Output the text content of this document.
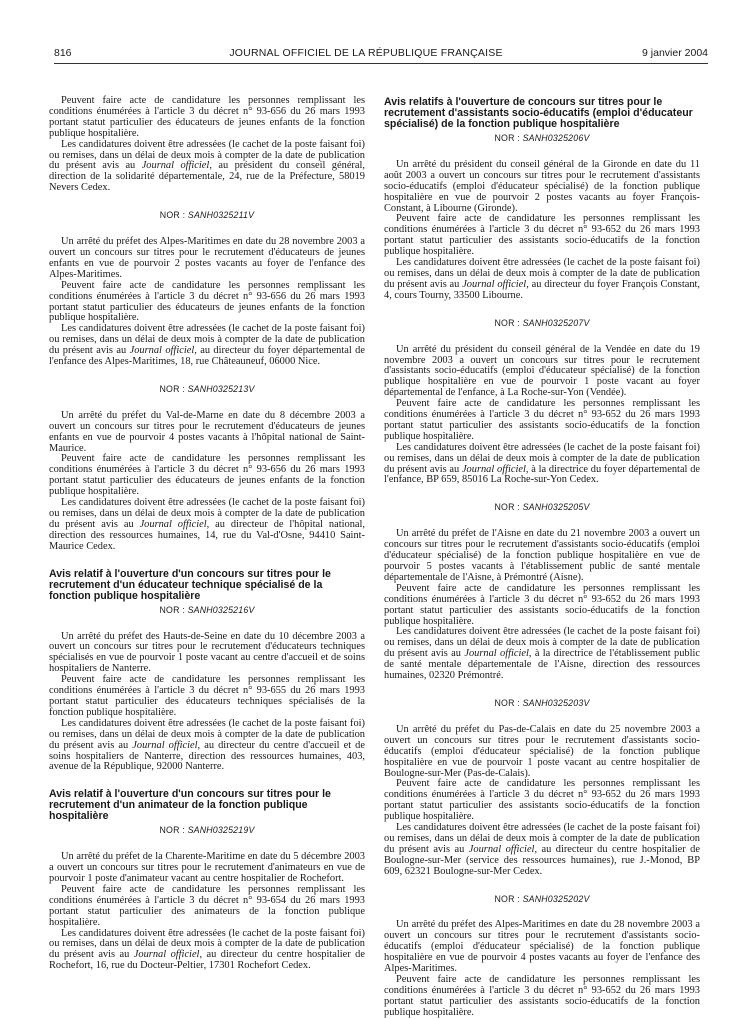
816	JOURNAL OFFICIEL DE LA RÉPUBLIQUE FRANÇAISE	9 janvier 2004

Peuvent faire acte de candidature les personnes remplissant les conditions énumérées à l'article 3 du décret n° 93-656 du 26 mars 1993 portant statut particulier des éducateurs de jeunes enfants de la fonction publique hospitalière.

Les candidatures doivent être adressées (le cachet de la poste faisant foi) ou remises, dans un délai de deux mois à compter de la date de publication du présent avis au Journal officiel, au président du conseil général, direction de la solidarité départementale, 24, rue de la Préfecture, 58019 Nevers Cedex.

NOR : SANH0325211V

Un arrêté du préfet des Alpes-Maritimes en date du 28 novembre 2003 a ouvert un concours sur titres pour le recrutement d'éducateurs de jeunes enfants en vue de pourvoir 2 postes vacants au foyer de l'enfance des Alpes-Maritimes.

Peuvent faire acte de candidature les personnes remplissant les conditions énumérées à l'article 3 du décret n° 93-656 du 26 mars 1993 portant statut particulier des éducateurs de jeunes enfants de la fonction publique hospitalière.

Les candidatures doivent être adressées (le cachet de la poste faisant foi) ou remises, dans un délai de deux mois à compter de la date de publication du présent avis au Journal officiel, au directeur du foyer départemental de l'enfance des Alpes-Maritimes, 18, rue Châteauneuf, 06000 Nice.

NOR : SANH0325213V

Un arrêté du préfet du Val-de-Marne en date du 8 décembre 2003 a ouvert un concours sur titres pour le recrutement d'éducateurs de jeunes enfants en vue de pourvoir 4 postes vacants à l'hôpital national de Saint-Maurice.

Peuvent faire acte de candidature les personnes remplissant les conditions énumérées à l'article 3 du décret n° 93-656 du 26 mars 1993 portant statut particulier des éducateurs de jeunes enfants de la fonction publique hospitalière.

Les candidatures doivent être adressées (le cachet de la poste faisant foi) ou remises, dans un délai de deux mois à compter de la date de publication du présent avis au Journal officiel, au directeur de l'hôpital national, direction des ressources humaines, 14, rue du Val-d'Osne, 94410 Saint-Maurice Cedex.

Avis relatif à l'ouverture d'un concours sur titres pour le recrutement d'un éducateur technique spécialisé de la fonction publique hospitalière
NOR : SANH0325216V

Un arrêté du préfet des Hauts-de-Seine en date du 10 décembre 2003 a ouvert un concours sur titres pour le recrutement d'éducateurs techniques spécialisés en vue de pourvoir 1 poste vacant au centre d'accueil et de soins hospitaliers de Nanterre.

Peuvent faire acte de candidature les personnes remplissant les conditions énumérées à l'article 3 du décret n° 93-655 du 26 mars 1993 portant statut particulier des éducateurs techniques spécialisés de la fonction publique hospitalière.

Les candidatures doivent être adressées (le cachet de la poste faisant foi) ou remises, dans un délai de deux mois à compter de la date de publication du présent avis au Journal officiel, au directeur du centre d'accueil et de soins hospitaliers de Nanterre, direction des ressources humaines, 403, avenue de la République, 92000 Nanterre.

Avis relatif à l'ouverture d'un concours sur titres pour le recrutement d'un animateur de la fonction publique hospitalière
NOR : SANH0325219V

Un arrêté du préfet de la Charente-Maritime en date du 5 décembre 2003 a ouvert un concours sur titres pour le recrutement d'animateurs en vue de pourvoir 1 poste d'animateur vacant au centre hospitalier de Rochefort.

Peuvent faire acte de candidature les personnes remplissant les conditions énumérées à l'article 3 du décret n° 93-654 du 26 mars 1993 portant statut particulier des animateurs de la fonction publique hospitalière.

Les candidatures doivent être adressées (le cachet de la poste faisant foi) ou remises, dans un délai de deux mois à compter de la date de publication du présent avis au Journal officiel, au directeur du centre hospitalier de Rochefort, 16, rue du Docteur-Peltier, 17301 Rochefort Cedex.

Avis relatifs à l'ouverture de concours sur titres pour le recrutement d'assistants socio-éducatifs (emploi d'éducateur spécialisé) de la fonction publique hospitalière
NOR : SANH0325206V

Un arrêté du président du conseil général de la Gironde en date du 11 août 2003 a ouvert un concours sur titres pour le recrutement d'assistants socio-éducatifs (emploi d'éducateur spécialisé) de la fonction publique hospitalière en vue de pourvoir 2 postes vacants au foyer François-Constant, à Libourne (Gironde).

Peuvent faire acte de candidature les personnes remplissant les conditions énumérées à l'article 3 du décret n° 93-652 du 26 mars 1993 portant statut particulier des assistants socio-éducatifs de la fonction publique hospitalière.

Les candidatures doivent être adressées (le cachet de la poste faisant foi) ou remises, dans un délai de deux mois à compter de la date de publication du présent avis au Journal officiel, au directeur du foyer François Constant, 4, cours Tourny, 33500 Libourne.

NOR : SANH0325207V

Un arrêté du président du conseil général de la Vendée en date du 19 novembre 2003 a ouvert un concours sur titres pour le recrutement d'assistants socio-éducatifs (emploi d'éducateur spécialisé) de la fonction publique hospitalière en vue de pourvoir 1 poste vacant au foyer départemental de l'enfance, à La Roche-sur-Yon (Vendée).

Peuvent faire acte de candidature les personnes remplissant les conditions énumérées à l'article 3 du décret n° 93-652 du 26 mars 1993 portant statut particulier des assistants socio-éducatifs de la fonction publique hospitalière.

Les candidatures doivent être adressées (le cachet de la poste faisant foi) ou remises, dans un délai de deux mois à compter de la date de publication du présent avis au Journal officiel, à la directrice du foyer départemental de l'enfance, BP 659, 85016 La Roche-sur-Yon Cedex.

NOR : SANH0325205V

Un arrêté du préfet de l'Aisne en date du 21 novembre 2003 a ouvert un concours sur titres pour le recrutement d'assistants socio-éducatifs (emploi d'éducateur spécialisé) de la fonction publique hospitalière en vue de pourvoir 5 postes vacants à l'établissement public de santé mentale départementale de l'Aisne, à Prémontré (Aisne).

Peuvent faire acte de candidature les personnes remplissant les conditions énumérées à l'article 3 du décret n° 93-652 du 26 mars 1993 portant statut particulier des assistants socio-éducatifs de la fonction publique hospitalière.

Les candidatures doivent être adressées (le cachet de la poste faisant foi) ou remises, dans un délai de deux mois à compter de la date de publication du présent avis au Journal officiel, à la directrice de l'établissement public de santé mentale départementale de l'Aisne, direction des ressources humaines, 02320 Prémontré.

NOR : SANH0325203V

Un arrêté du préfet du Pas-de-Calais en date du 25 novembre 2003 a ouvert un concours sur titres pour le recrutement d'assistants socio-éducatifs (emploi d'éducateur spécialisé) de la fonction publique hospitalière en vue de pourvoir 1 poste vacant au centre hospitalier de Boulogne-sur-Mer (Pas-de-Calais).

Peuvent faire acte de candidature les personnes remplissant les conditions énumérées à l'article 3 du décret n° 93-652 du 26 mars 1993 portant statut particulier des assistants socio-éducatifs de la fonction publique hospitalière.

Les candidatures doivent être adressées (le cachet de la poste faisant foi) ou remises, dans un délai de deux mois à compter de la date de publication du présent avis au Journal officiel, au directeur du centre hospitalier de Boulogne-sur-Mer (service des ressources humaines), rue J.-Monod, BP 609, 62321 Boulogne-sur-Mer Cedex.

NOR : SANH0325202V

Un arrêté du préfet des Alpes-Maritimes en date du 28 novembre 2003 a ouvert un concours sur titres pour le recrutement d'assistants socio-éducatifs (emploi d'éducateur spécialisé) de la fonction publique hospitalière en vue de pourvoir 4 postes vacants au foyer de l'enfance des Alpes-Maritimes.

Peuvent faire acte de candidature les personnes remplissant les conditions énumérées à l'article 3 du décret n° 93-652 du 26 mars 1993 portant statut particulier des assistants socio-éducatifs de la fonction publique hospitalière.
